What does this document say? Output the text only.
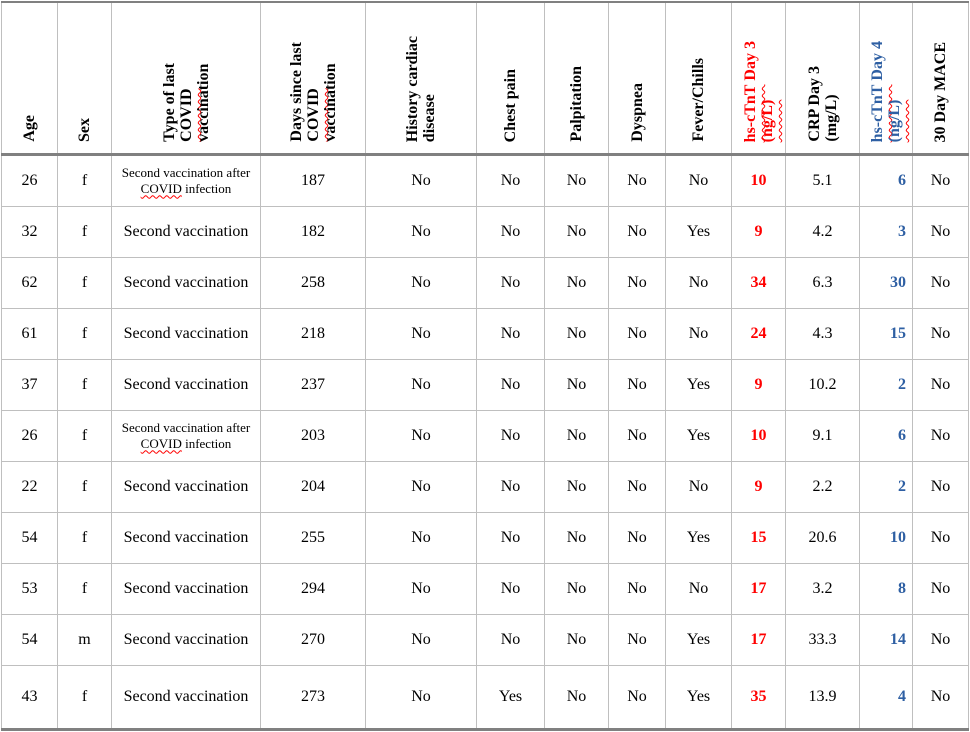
Age	Sex	Type of last
COVID
vaccination	Days since last
COVID
vaccination	History cardiac
disease	Chest pain	Palpitation	Dyspnea	Fever/Chills	hs-cTnT Day 3
(ng/L)	CRP Day 3
(mg/L)	hs-cTnT Day 4
(ng/L)	30 Day MACE
26	f	Second vaccination after
COVID infection	187	No	No	No	No	No	10	5.1	6	No
32	f	Second vaccination	182	No	No	No	No	Yes	9	4.2	3	No
62	f	Second vaccination	258	No	No	No	No	No	34	6.3	30	No
61	f	Second vaccination	218	No	No	No	No	No	24	4.3	15	No
37	f	Second vaccination	237	No	No	No	No	Yes	9	10.2	2	No
26	f	Second vaccination after
COVID infection	203	No	No	No	No	Yes	10	9.1	6	No
22	f	Second vaccination	204	No	No	No	No	No	9	2.2	2	No
54	f	Second vaccination	255	No	No	No	No	Yes	15	20.6	10	No
53	f	Second vaccination	294	No	No	No	No	No	17	3.2	8	No
54	m	Second vaccination	270	No	No	No	No	Yes	17	33.3	14	No
43	f	Second vaccination	273	No	Yes	No	No	Yes	35	13.9	4	No
